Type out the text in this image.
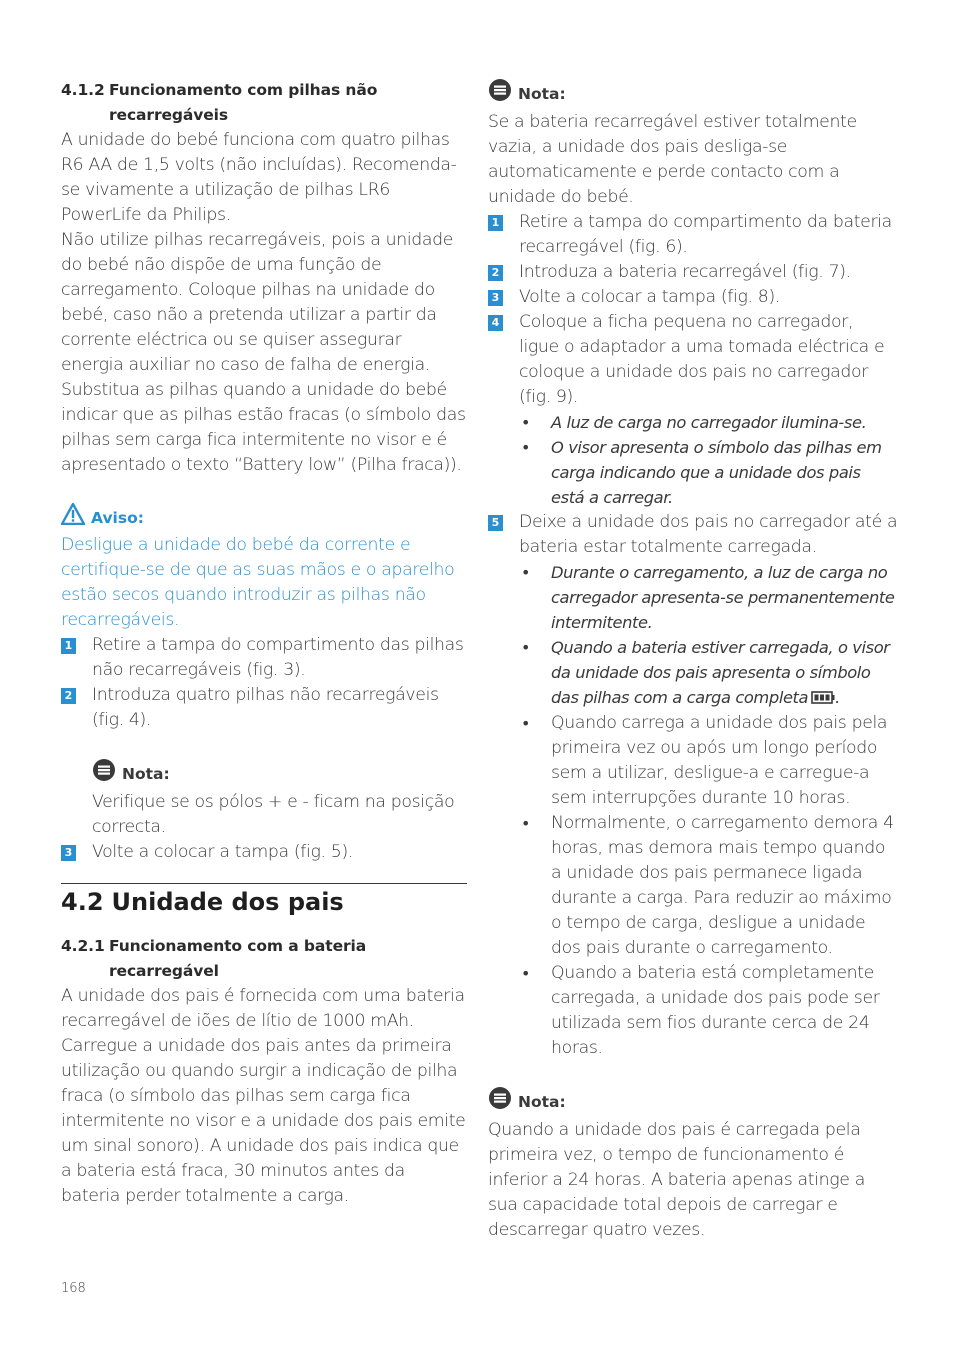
4.1.2 Funcionamento com pilhas não
recarregáveis

A unidade do bebé funciona com quatro pilhas R6 AA de 1,5 volts (não incluídas). Recomenda-se vivamente a utilização de pilhas LR6 PowerLife da Philips.

Não utilize pilhas recarregáveis, pois a unidade do bebé não dispõe de uma função de carregamento. Coloque pilhas na unidade do bebé, caso não a pretenda utilizar a partir da corrente eléctrica ou se quiser assegurar energia auxiliar no caso de falha de energia. Substitua as pilhas quando a unidade do bebé indicar que as pilhas estão fracas (o símbolo das pilhas sem carga fica intermitente no visor e é apresentado o texto “Battery low” (Pilha fraca)).

Aviso:

Desligue a unidade do bebé da corrente e certifique-se de que as suas mãos e o aparelho estão secos quando introduzir as pilhas não recarregáveis.

1 Retire a tampa do compartimento das pilhas não recarregáveis (fig. 3).

2 Introduza quatro pilhas não recarregáveis (fig. 4).

Nota:

Verifique se os pólos + e - ficam na posição correcta.

3 Volte a colocar a tampa (fig. 5).

4.2 Unidade dos pais
4.2.1 Funcionamento com a bateria
recarregável

A unidade dos pais é fornecida com uma bateria recarregável de iões de lítio de 1000 mAh. Carregue a unidade dos pais antes da primeira utilização ou quando surgir a indicação de pilha fraca (o símbolo das pilhas sem carga fica intermitente no visor e a unidade dos pais emite um sinal sonoro). A unidade dos pais indica que a bateria está fraca, 30 minutos antes da bateria perder totalmente a carga.

Nota:

Se a bateria recarregável estiver totalmente vazia, a unidade dos pais desliga-se automaticamente e perde contacto com a unidade do bebé.

1 Retire a tampa do compartimento da bateria recarregável (fig. 6).

2 Introduza a bateria recarregável (fig. 7).

3 Volte a colocar a tampa (fig. 8).

4 Coloque a ficha pequena no carregador, ligue o adaptador a uma tomada eléctrica e coloque a unidade dos pais no carregador (fig. 9).

•	A luz de carga no carregador ilumina-se.

•	O visor apresenta o símbolo das pilhas em carga indicando que a unidade dos pais está a carregar.

5 Deixe a unidade dos pais no carregador até a bateria estar totalmente carregada.

•	Durante o carregamento, a luz de carga no carregador apresenta-se permanentemente intermitente.

•	Quando a bateria estiver carregada, o visor da unidade dos pais apresenta o símbolo das pilhas com a carga completa .

•	Quando carrega a unidade dos pais pela primeira vez ou após um longo período sem a utilizar, desligue-a e carregue-a sem interrupções durante 10 horas.

•	Normalmente, o carregamento demora 4 horas, mas demora mais tempo quando a unidade dos pais permanece ligada durante a carga. Para reduzir ao máximo o tempo de carga, desligue a unidade dos pais durante o carregamento.

•	Quando a bateria está completamente carregada, a unidade dos pais pode ser utilizada sem fios durante cerca de 24 horas.

Nota:

Quando a unidade dos pais é carregada pela primeira vez, o tempo de funcionamento é inferior a 24 horas. A bateria apenas atinge a sua capacidade total depois de carregar e descarregar quatro vezes.

168
